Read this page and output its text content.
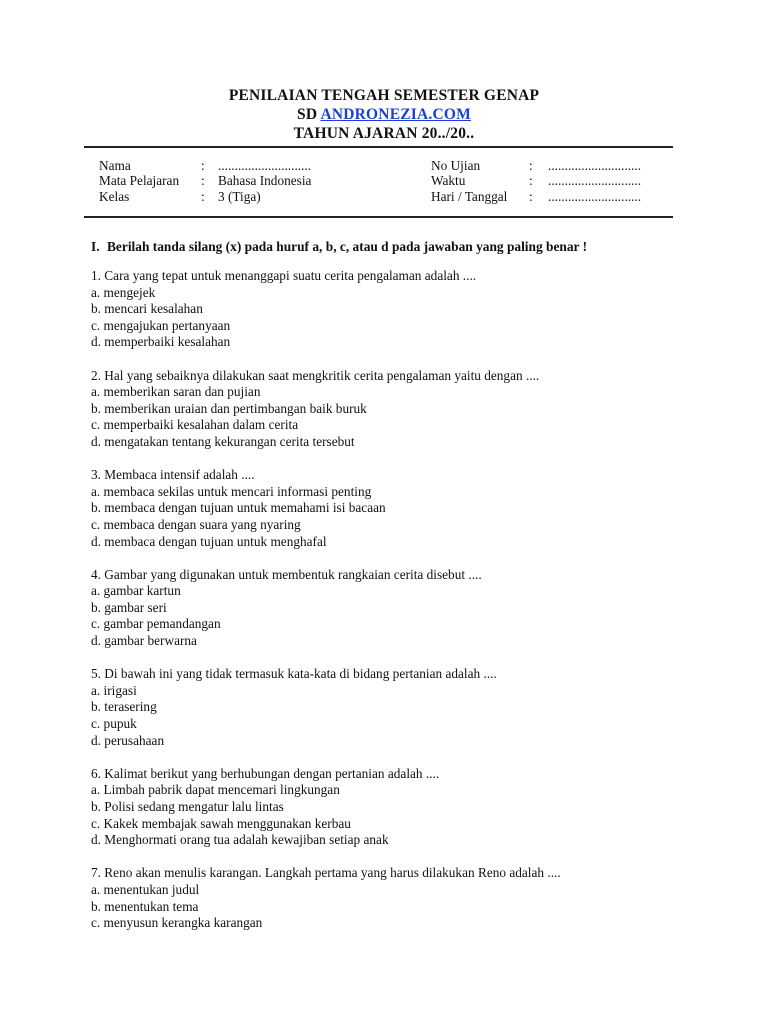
PENILAIAN TENGAH SEMESTER GENAP
SD ANDRONEZIA.COM
TAHUN AJARAN 20../20..
Nama	: ............................
Mata Pelajaran : Bahasa Indonesia
Kelas	: 3 (Tiga)
No Ujian	: ............................
Waktu	: ............................
Hari / Tanggal : ............................
I. Berilah tanda silang (x) pada huruf a, b, c, atau d pada jawaban yang paling benar !
1. Cara yang tepat untuk menanggapi suatu cerita pengalaman adalah ....
a. mengejek
b. mencari kesalahan
c. mengajukan pertanyaan
d. memperbaiki kesalahan
2. Hal yang sebaiknya dilakukan saat mengkritik cerita pengalaman yaitu dengan ....
a. memberikan saran dan pujian
b. memberikan uraian dan pertimbangan baik buruk
c. memperbaiki kesalahan dalam cerita
d. mengatakan tentang kekurangan cerita tersebut
3. Membaca intensif adalah ....
a. membaca sekilas untuk mencari informasi penting
b. membaca dengan tujuan untuk memahami isi bacaan
c. membaca dengan suara yang nyaring
d. membaca dengan tujuan untuk menghafal
4. Gambar yang digunakan untuk membentuk rangkaian cerita disebut ....
a. gambar kartun
b. gambar seri
c. gambar pemandangan
d. gambar berwarna
5. Di bawah ini yang tidak termasuk kata-kata di bidang pertanian adalah ....
a. irigasi
b. terasering
c. pupuk
d. perusahaan
6. Kalimat berikut yang berhubungan dengan pertanian adalah ....
a. Limbah pabrik dapat mencemari lingkungan
b. Polisi sedang mengatur lalu lintas
c. Kakek membajak sawah menggunakan kerbau
d. Menghormati orang tua adalah kewajiban setiap anak
7. Reno akan menulis karangan. Langkah pertama yang harus dilakukan Reno adalah ....
a. menentukan judul
b. menentukan tema
c. menyusun kerangka karangan
